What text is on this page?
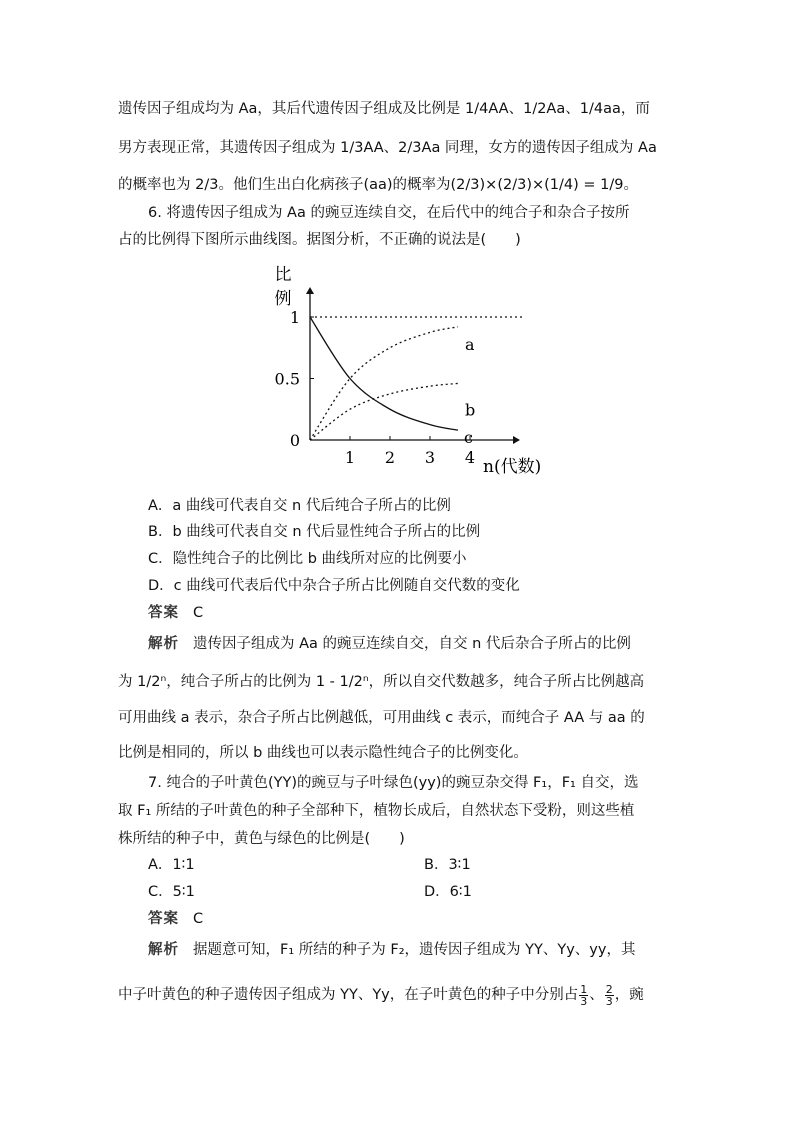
遗传因子组成均为 Aa，其后代遗传因子组成及比例是 1/4AA、1/2Aa、1/4aa，而
男方表现正常，其遗传因子组成为 1/3AA、2/3Aa 同理，女方的遗传因子组成为 Aa
的概率也为 2/3。他们生出白化病孩子(aa)的概率为(2/3)×(2/3)×(1/4) = 1/9。
6. 将遗传因子组成为 Aa 的豌豆连续自交，在后代中的纯合子和杂合子按所
占的比例得下图所示曲线图。据图分析，不正确的说法是(　　)
比
例
n(代数)
0
0.5
1
1 2 3 4
a
b
c
A．a 曲线可代表自交 n 代后纯合子所占的比例
B．b 曲线可代表自交 n 代后显性纯合子所占的比例
C．隐性纯合子的比例比 b 曲线所对应的比例要小
D．c 曲线可代表后代中杂合子所占比例随自交代数的变化
答案 C
解析 遗传因子组成为 Aa 的豌豆连续自交，自交 n 代后杂合子所占的比例
为 1/2ⁿ，纯合子所占的比例为 1 - 1/2ⁿ，所以自交代数越多，纯合子所占比例越高
可用曲线 a 表示，杂合子所占比例越低，可用曲线 c 表示，而纯合子 AA 与 aa 的
比例是相同的，所以 b 曲线也可以表示隐性纯合子的比例变化。
7. 纯合的子叶黄色(YY)的豌豆与子叶绿色(yy)的豌豆杂交得 F₁，F₁ 自交，选
取 F₁ 所结的子叶黄色的种子全部种下，植物长成后，自然状态下受粉，则这些植
株所结的种子中，黄色与绿色的比例是(　　)
A．1∶1	B．3∶1
C．5∶1	D．6∶1
答案 C
解析 据题意可知，F₁ 所结的种子为 F₂，遗传因子组成为 YY、Yy、yy，其
中子叶黄色的种子遗传因子组成为 YY、Yy，在子叶黄色的种子中分别占 $\frac{1}{3}$ 、 $\frac{2}{3}$ ，豌
